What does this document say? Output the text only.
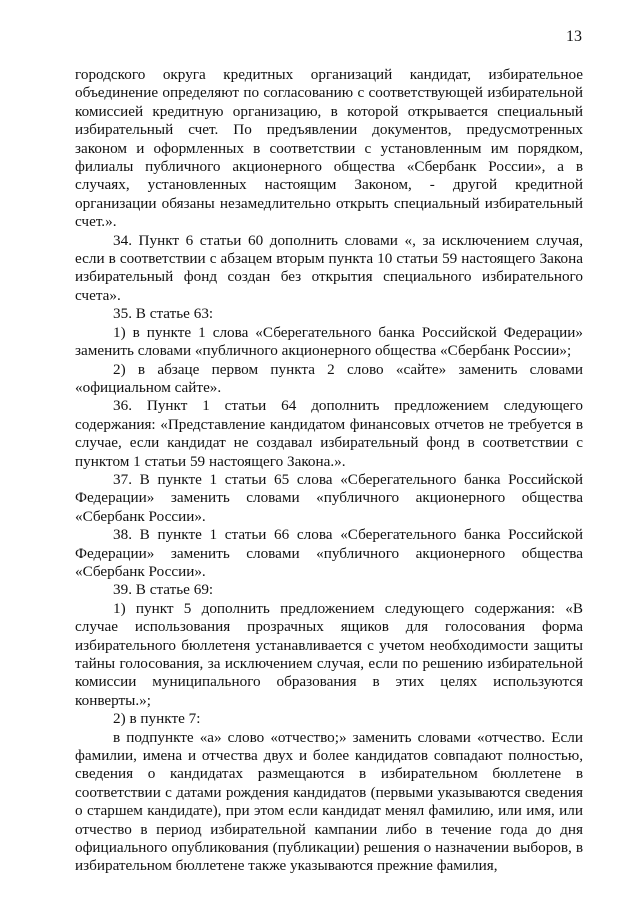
13

городского округа кредитных организаций кандидат, избирательное объединение определяют по согласованию с соответствующей избирательной комиссией кредитную организацию, в которой открывается специальный избирательный счет. По предъявлении документов, предусмотренных законом и оформленных в соответствии с установленным им порядком, филиалы публичного акционерного общества «Сбербанк России», а в случаях, установленных настоящим Законом, - другой кредитной организации обязаны незамедлительно открыть специальный избирательный счет.».

34. Пункт 6 статьи 60 дополнить словами «, за исключением случая, если в соответствии с абзацем вторым пункта 10 статьи 59 настоящего Закона избирательный фонд создан без открытия специального избирательного счета».

35. В статье 63:

1) в пункте 1 слова «Сберегательного банка Российской Федерации» заменить словами «публичного акционерного общества «Сбербанк России»;

2) в абзаце первом пункта 2 слово «сайте» заменить словами «официальном сайте».

36. Пункт 1 статьи 64 дополнить предложением следующего содержания: «Представление кандидатом финансовых отчетов не требуется в случае, если кандидат не создавал избирательный фонд в соответствии с пунктом 1 статьи 59 настоящего Закона.».

37. В пункте 1 статьи 65 слова «Сберегательного банка Российской Федерации» заменить словами «публичного акционерного общества «Сбербанк России».

38. В пункте 1 статьи 66 слова «Сберегательного банка Российской Федерации» заменить словами «публичного акционерного общества «Сбербанк России».

39. В статье 69:

1) пункт 5 дополнить предложением следующего содержания: «В случае использования прозрачных ящиков для голосования форма избирательного бюллетеня устанавливается с учетом необходимости защиты тайны голосования, за исключением случая, если по решению избирательной комиссии муниципального образования в этих целях используются конверты.»;

2) в пункте 7:

в подпункте «а» слово «отчество;» заменить словами «отчество. Если фамилии, имена и отчества двух и более кандидатов совпадают полностью, сведения о кандидатах размещаются в избирательном бюллетене в соответствии с датами рождения кандидатов (первыми указываются сведения о старшем кандидате), при этом если кандидат менял фамилию, или имя, или отчество в период избирательной кампании либо в течение года до дня официального опубликования (публикации) решения о назначении выборов, в избирательном бюллетене также указываются прежние фамилия,
